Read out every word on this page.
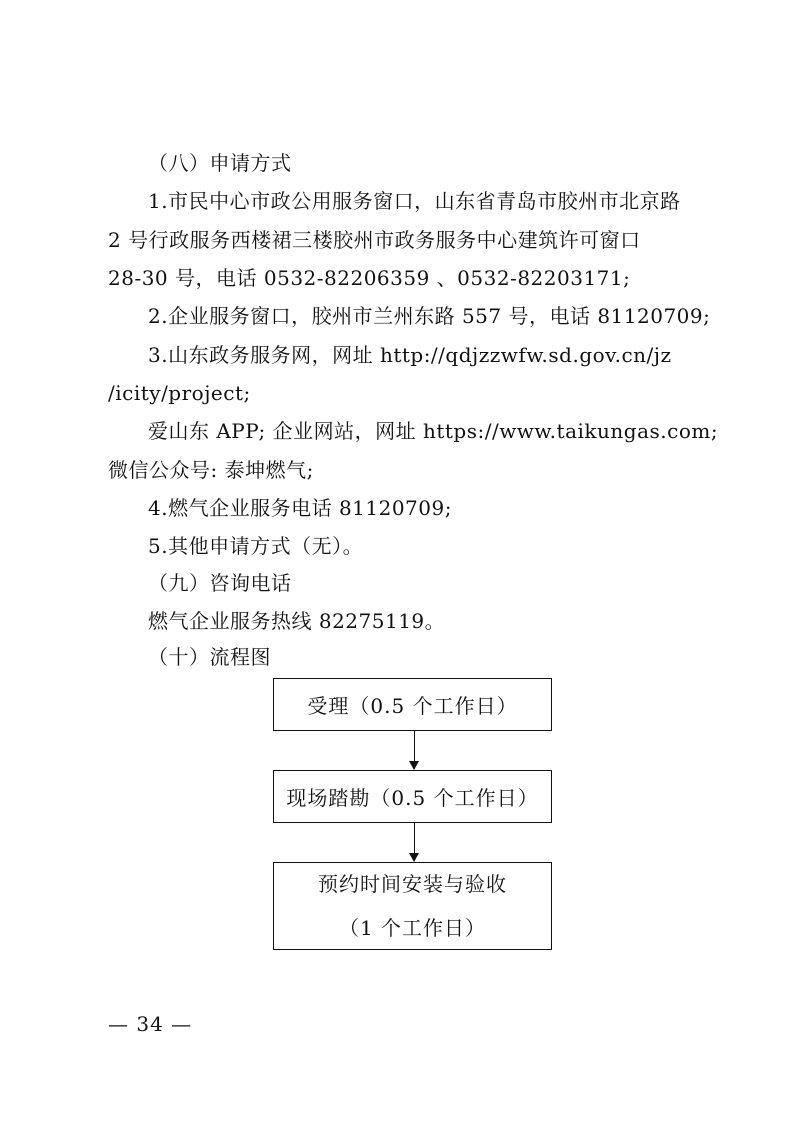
（八）申请方式
1.市民中心市政公用服务窗口，山东省青岛市胶州市北京路
2 号行政服务西楼裙三楼胶州市政务服务中心建筑许可窗口
28-30 号，电话 0532-82206359 、0532-82203171;
2.企业服务窗口，胶州市兰州东路 557 号，电话 81120709;
3.山东政务服务网，网址 http://qdjzzwfw.sd.gov.cn/jz
/icity/project;
爱山东 APP; 企业网站，网址 https://www.taikungas.com;
微信公众号: 泰坤燃气;
4.燃气企业服务电话 81120709;
5.其他申请方式（无）。
（九）咨询电话
燃气企业服务热线 82275119。
（十）流程图
受理（0.5 个工作日）
现场踏勘（0.5 个工作日）
预约时间安装与验收
（1 个工作日）
— 34 —
